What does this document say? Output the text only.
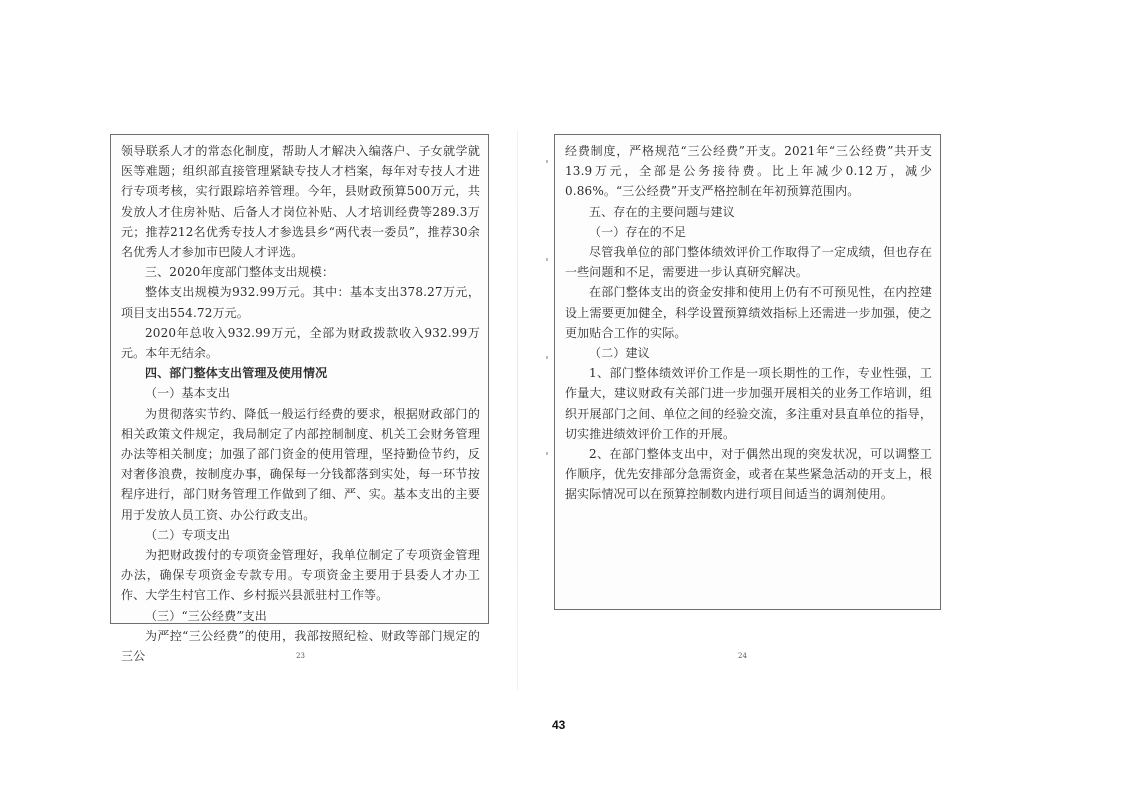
领导联系人才的常态化制度，帮助人才解决入编落户、子女就学就医等难题；组织部直接管理紧缺专技人才档案，每年对专技人才进行专项考核，实行跟踪培养管理。今年，县财政预算500万元，共发放人才住房补贴、后备人才岗位补贴、人才培训经费等289.3万元；推荐212名优秀专技人才参选县乡“两代表一委员”，推荐30余名优秀人才参加市巴陵人才评选。

三、2020年度部门整体支出规模：

整体支出规模为932.99万元。其中：基本支出378.27万元，项目支出554.72万元。

2020年总收入932.99万元，全部为财政拨款收入932.99万元。本年无结余。

四、部门整体支出管理及使用情况

（一）基本支出

为贯彻落实节约、降低一般运行经费的要求，根据财政部门的相关政策文件规定，我局制定了内部控制制度、机关工会财务管理办法等相关制度；加强了部门资金的使用管理，坚持勤俭节约，反对奢侈浪费，按制度办事，确保每一分钱都落到实处，每一环节按程序进行，部门财务管理工作做到了细、严、实。基本支出的主要用于发放人员工资、办公行政支出。

（二）专项支出

为把财政拨付的专项资金管理好，我单位制定了专项资金管理办法，确保专项资金专款专用。专项资金主要用于县委人才办工作、大学生村官工作、乡村振兴县派驻村工作等。

（三）“三公经费”支出

为严控“三公经费”的使用，我部按照纪检、财政等部门规定的三公

经费制度，严格规范“三公经费”开支。2021年“三公经费”共开支13.9万元，全部是公务接待费。比上年减少0.12万，减少0.86%。“三公经费”开支严格控制在年初预算范围内。

五、存在的主要问题与建议

（一）存在的不足

尽管我单位的部门整体绩效评价工作取得了一定成绩，但也存在一些问题和不足，需要进一步认真研究解决。

在部门整体支出的资金安排和使用上仍有不可预见性，在内控建设上需要更加健全，科学设置预算绩效指标上还需进一步加强，使之更加贴合工作的实际。

（二）建议

1、部门整体绩效评价工作是一项长期性的工作，专业性强，工作量大，建议财政有关部门进一步加强开展相关的业务工作培训，组织开展部门之间、单位之间的经验交流，多注重对县直单位的指导，切实推进绩效评价工作的开展。

2、在部门整体支出中，对于偶然出现的突发状况，可以调整工作顺序，优先安排部分急需资金，或者在某些紧急活动的开支上，根据实际情况可以在预算控制数内进行项目间适当的调剂使用。

23	24
43
